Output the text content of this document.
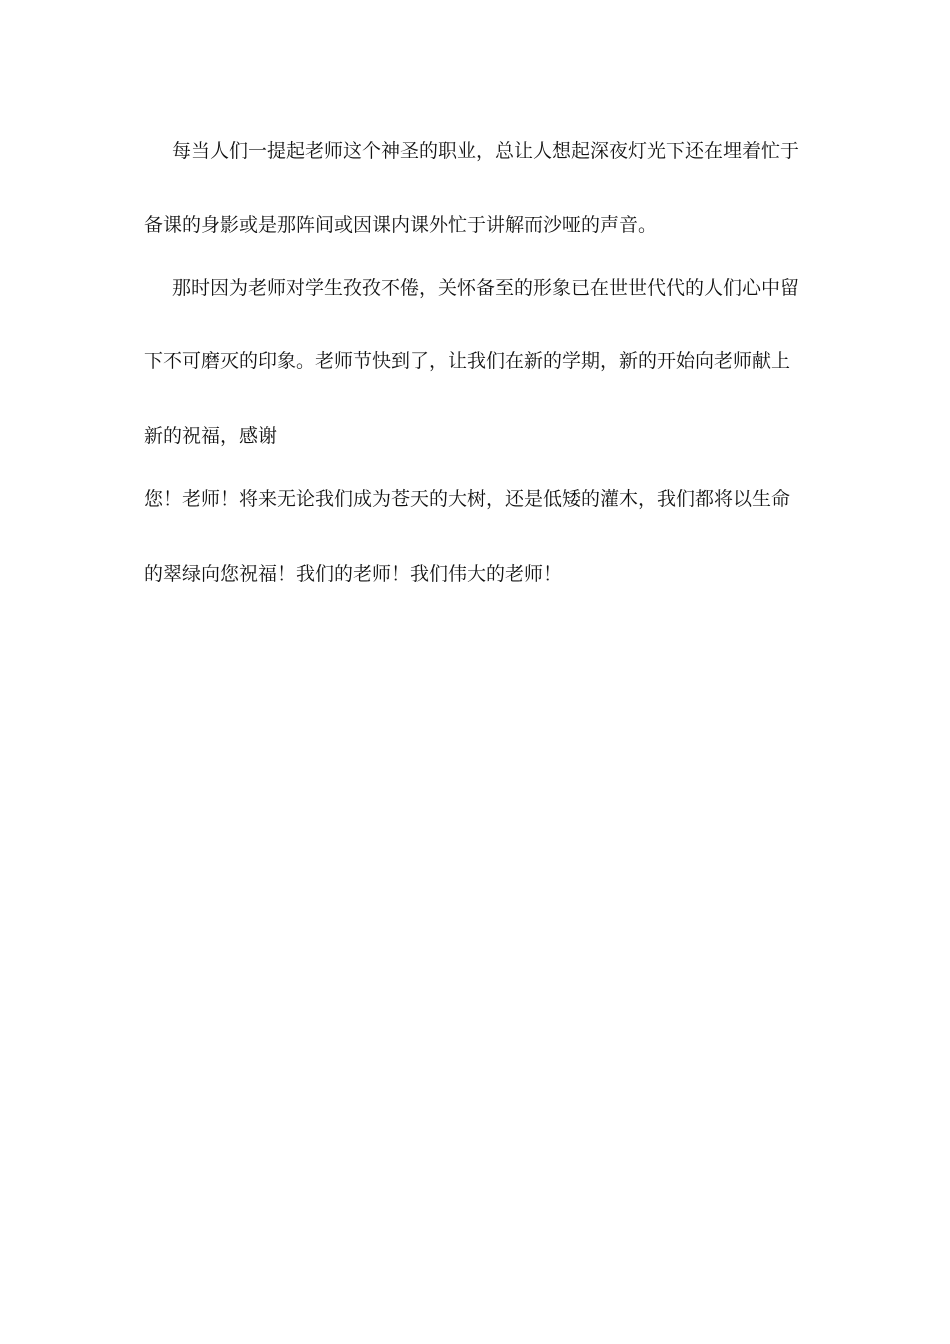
每当人们一提起老师这个神圣的职业，总让人想起深夜灯光下还在埋着忙于
备课的身影或是那阵间或因课内课外忙于讲解而沙哑的声音。
那时因为老师对学生孜孜不倦，关怀备至的形象已在世世代代的人们心中留
下不可磨灭的印象。老师节快到了，让我们在新的学期，新的开始向老师献上
新的祝福，感谢
您！老师！将来无论我们成为苍天的大树，还是低矮的灌木，我们都将以生命
的翠绿向您祝福！我们的老师！我们伟大的老师！
